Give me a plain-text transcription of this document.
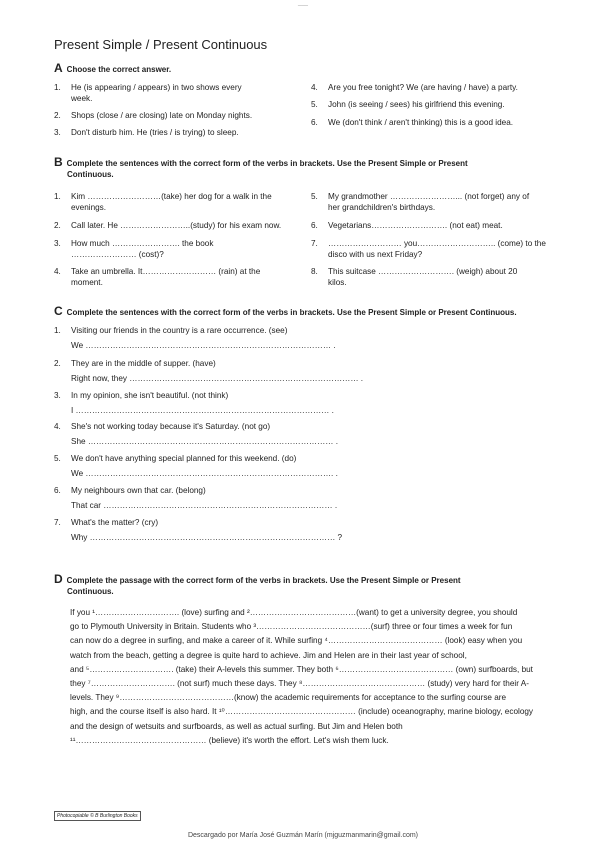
___
Present Simple / Present Continuous
A Choose the correct answer.
1. He (is appearing / appears) in two shows every
week.
2. Shops (close / are closing) late on Monday nights.
3. Don't disturb him. He (tries / is trying) to sleep.
4. Are you free tonight? We (are having / have) a party.
5. John (is seeing / sees) his girlfriend this evening.
6. We (don't think / aren't thinking) this is a good idea.
B Complete the sentences with the correct form of the verbs in brackets. Use the Present Simple or Present
Continuous.
1. Kim ………………………(take) her dog for a walk in the
evenings.
2. Call later. He ……………………..(study) for his exam now.
3. How much ……………………. the book
…………………… (cost)?
4. Take an umbrella. It……………………… (rain) at the
moment.
5. My grandmother ……………………... (not forget) any of
her grandchildren's birthdays.
6. Vegetarians………………………. (not eat) meat.
7. ……………………… you……………………….. (come) to the
disco with us next Friday?
8. This suitcase ………………………. (weigh) about 20
kilos.
C Complete the sentences with the correct form of the verbs in brackets. Use the Present Simple or Present Continuous.
1. Visiting our friends in the country is a rare occurrence. (see)
We ……………………………………………………………………………… .
2. They are in the middle of supper. (have)
Right now, they ………………………………………………………………………… .
3. In my opinion, she isn't beautiful. (not think)
I ………………………………………………………………………………… .
4. She's not working today because it's Saturday. (not go)
She ……………………………………………………………………………… .
5. We don't have anything special planned for this weekend. (do)
We ………………………………………………………………………………. .
6. My neighbours own that car. (belong)
That car ………………………………………………………………………… .
7. What's the matter? (cry)
Why ……………………………………………………………………………… ?
D Complete the passage with the correct form of the verbs in brackets. Use the Present Simple or Present
Continuous.
If you ¹…………………………. (love) surfing and ²…………………………………(want) to get a university degree, you should
go to Plymouth University in Britain. Students who ³……………………………………(surf) three or four times a week for fun
can now do a degree in surfing, and make a career of it. While surfing ⁴…………………………………… (look) easy when you
watch from the beach, getting a degree is quite hard to achieve. Jim and Helen are in their last year of school,
and ⁵…………………………. (take) their A-levels this summer. They both ⁶…………………………………… (own) surfboards, but
they ⁷…………………………. (not surf) much these days. They ⁸……………………………………… (study) very hard for their A-
levels. They ⁹……………………………………(know) the academic requirements for acceptance to the surfing course are
high, and the course itself is also hard. It ¹⁰………………………………………… (include) oceanography, marine biology, ecology
and the design of wetsuits and surfboards, as well as actual surfing. But Jim and Helen both
¹¹………………………………………… (believe) it's worth the effort. Let's wish them luck.
Photocopiable © B Burlington Books
Descargado por María José Guzmán Marín (mjguzmanmarin@gmail.com)
